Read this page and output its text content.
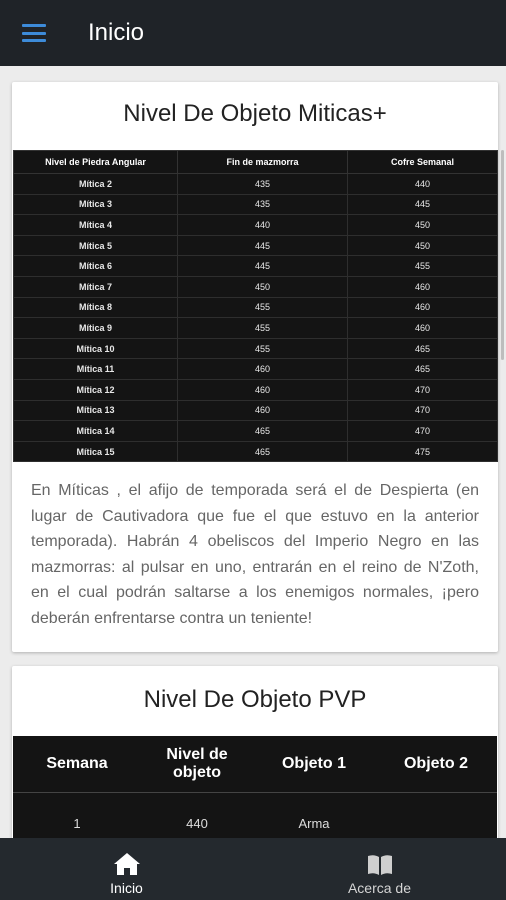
Inicio
Nivel De Objeto Miticas+
Nivel de Piedra Angular	Fin de mazmorra	Cofre Semanal
Mítica 2	435	440
Mítica 3	435	445
Mítica 4	440	450
Mítica 5	445	450
Mítica 6	445	455
Mítica 7	450	460
Mítica 8	455	460
Mítica 9	455	460
Mítica 10	455	465
Mítica 11	460	465
Mítica 12	460	470
Mítica 13	460	470
Mítica 14	465	470
Mítica 15	465	475
En Míticas , el afijo de temporada será el de Despierta (en lugar de Cautivadora que fue el que estuvo en la anterior temporada). Habrán 4 obeliscos del Imperio Negro en las mazmorras: al pulsar en uno, entrarán en el reino de N'Zoth, en el cual podrán saltarse a los enemigos normales, ¡pero deberán enfrentarse contra un teniente!
Nivel De Objeto PVP
Semana	Nivel de objeto	Objeto 1	Objeto 2
1	440	Arma	
Inicio	Acerca de
